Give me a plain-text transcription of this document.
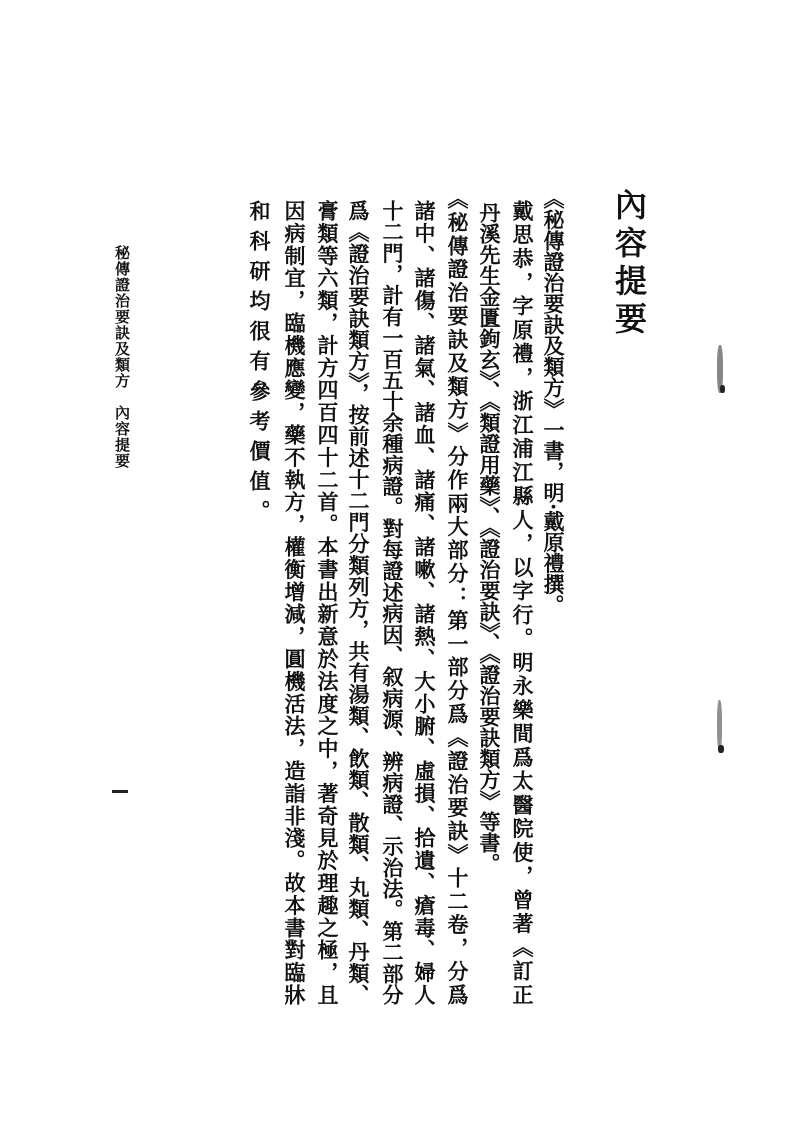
內容提要
《秘傳證治要訣及類方》一書，明·戴原禮撰。
戴思恭，字原禮，浙江浦江縣人，以字行。明永樂間爲太醫院使，曾著《訂正
丹溪先生金匱鉤玄》、《類證用藥》、《證治要訣》、《證治要訣類方》等書。
《秘傳證治要訣及類方》分作兩大部分：第一部分爲《證治要訣》十二卷，分爲
諸中、諸傷、諸氣、諸血、諸痛、諸嗽、諸熱、大小腑、虛損、拾遺、瘡毒、婦人
十二門，計有一百五十余種病證。對每證述病因、叙病源、辨病證、示治法。第二部分
爲《證治要訣類方》，按前述十二門分類列方，共有湯類、飲類、散類、丸類、丹類、
膏類等六類，計方四百四十二首。本書出新意於法度之中，著奇見於理趣之極，且
因病制宜，臨機應變，藥不執方，權衡增減，圓機活法，造詣非淺。故本書對臨牀
和科研均很有參考價值。
秘傳證治要訣及類方　內容提要
